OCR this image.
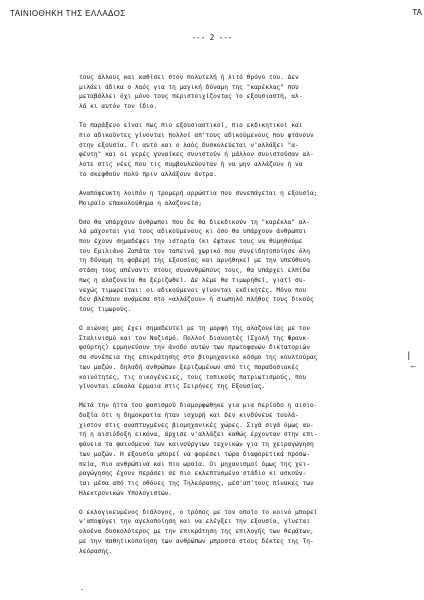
ΤΑΙΝΙΟΘΗΚΗ ΤΗΣ ΕΛΛΑΔΟΣ	ΤΑ
--- 2 ---
τους άλλους και καθίσει στον πολυτελή ή λιτό θρόνο του. Δεν
μιλάει άδικα ο λαός για τη μαγική δύναμη της "καρέκλας" που
μεταβάλλει όχι μόνο τους περιστοιχίζοντας το εξουσιαστή, αλ-
λά κι αυτόν τον ίδιο.
Το παράξενο είναι πως πιο εξουσιαστικοί, πιο εκδικητικοί και
πιο αδικούντες γίνονται πολλοί απ'τους αδικούμενους που φτάνουν
στην εξουσία. Γι αυτό και ο λαός δυσκολεύεται ν'αλλάξει "α-
φέντη" και οι γερές γυναίκες συνιστούν ή μάλλον συνιστούσαν αλ-
λοτε στις νέες που τις συμβουλεύονταν ή να μην αλλάζουν ή να
το σκεφθούν πολύ πριν αλλάξουν άντρα.
Αναπόφευκτη λοιπόν η τρομερή αρρώστια που συνεπάγεται η εξουσία;
Μοιραίο επακολούθημα η αλαζονεία;
Όσο θα υπάρχουν άνθρωποι που δε θα διεκδικούν τη "καρέκλα" αλ-
λά μάχονται για τους αδικούμενους κι όσο θα υπάρχουν άνθρωποι
που έχουν σημαδέψει την ιστορία (κι έφτανε τους να θυμηθούμε
τον Εμιλιάνο Ζαπάτα τον ταπεινό χωρικό που συνειδητοποίησε όλη
τη δύναμη τη φοβερή της εξουσίας και αρνήθηκε) με την υπεύθυνη
στάση τους απέναντι στους συνανθρώπους τους, θα υπάρχει ελπίδα
πως η αλαζονεία θα ξεριζωθεί. Δε λέμε θα τιμωρηθεί, γιατί συ-
νεχώς τιμωρείται: οι αδικούμενοι γίνονται εκδικητές. Μόνο που
δεν βλέπουν ανάμεσα στο «αλλάζουν» ή σιωπηλό πλήθος τους δικούς
τους τιμωρούς.
Ο αιώνας μας έχει σημαδευτεί με τη μορφή της αλαζονείας με τον
Σταλινισμό και τον Ναζισμό. Πολλοί διανοητές (Σχολή της Φρανκ-
φούρτης) ερμηνεύουν την άνοδο αυτών των πρωτοφανών δικτατοριών
σα συνέπεια της επικράτησης στο βιομηχανικό κόσμο της κουλτούρας
των μαζών. δηλαδή ανθρώπων ξεριζωμένων από τις παραδοσιακές
κοινότητες, τις οικογένειες, τους τοπικούς πατριωτισμούς, που
γίνονται εύκολα έρμαια στις Σειρήνες της Εξουσίας.
Μετά την ήττα του φασισμού διαμορφώθηκε για μια περίοδο η αισιο-
δοξία ότι η δημοκρατία ήταν ισχυρή και δεν κινδύνευε τουλά-
χιστον στις αναπτυγμένες βιομηχανικές χώρες. Σιγά σιγά όμως αυ-
τή η αισιόδοξη εικόνα, άρχισε ν'αλλάζει καθώς έρχονταν στην επι-
φάνεια τα φαινόμενα των καινούργιων τεχνικών για τη χειραγώγηση
των μαζών. Η εξουσία μπορεί να φορέσει τώρα διαφορετικά πρόσω-
πεία, πιο ανθρώπινα και πιο ωραία. Οι μηχανισμοί όμως της χει-
ραγώγησης έχουν περάσει σε πιο εκλεπτυσμένο στάδιο κι ασκούν-
ται μέσα από τις οθόνες της Τηλεόρασης, μέσ'απ'τους πίνακες των
Ηλεκτρονικών Υπολογιστών.
Ο εκλογικευμένος διάλογος, ο τρόπος με τον οποίο το κοινό μπορεί
ν'αποφύγει την αγελοποίηση και να ελέγξει την εξουσία, γίνεται
ολοένα δυσκολότερος με την επικράτηση της επιλογής των θεμάτων,
με την παθητικοποίηση των ανθρώπων μπροστά στους δέκτες της Τη-
λεόρασης.
|
←
·
